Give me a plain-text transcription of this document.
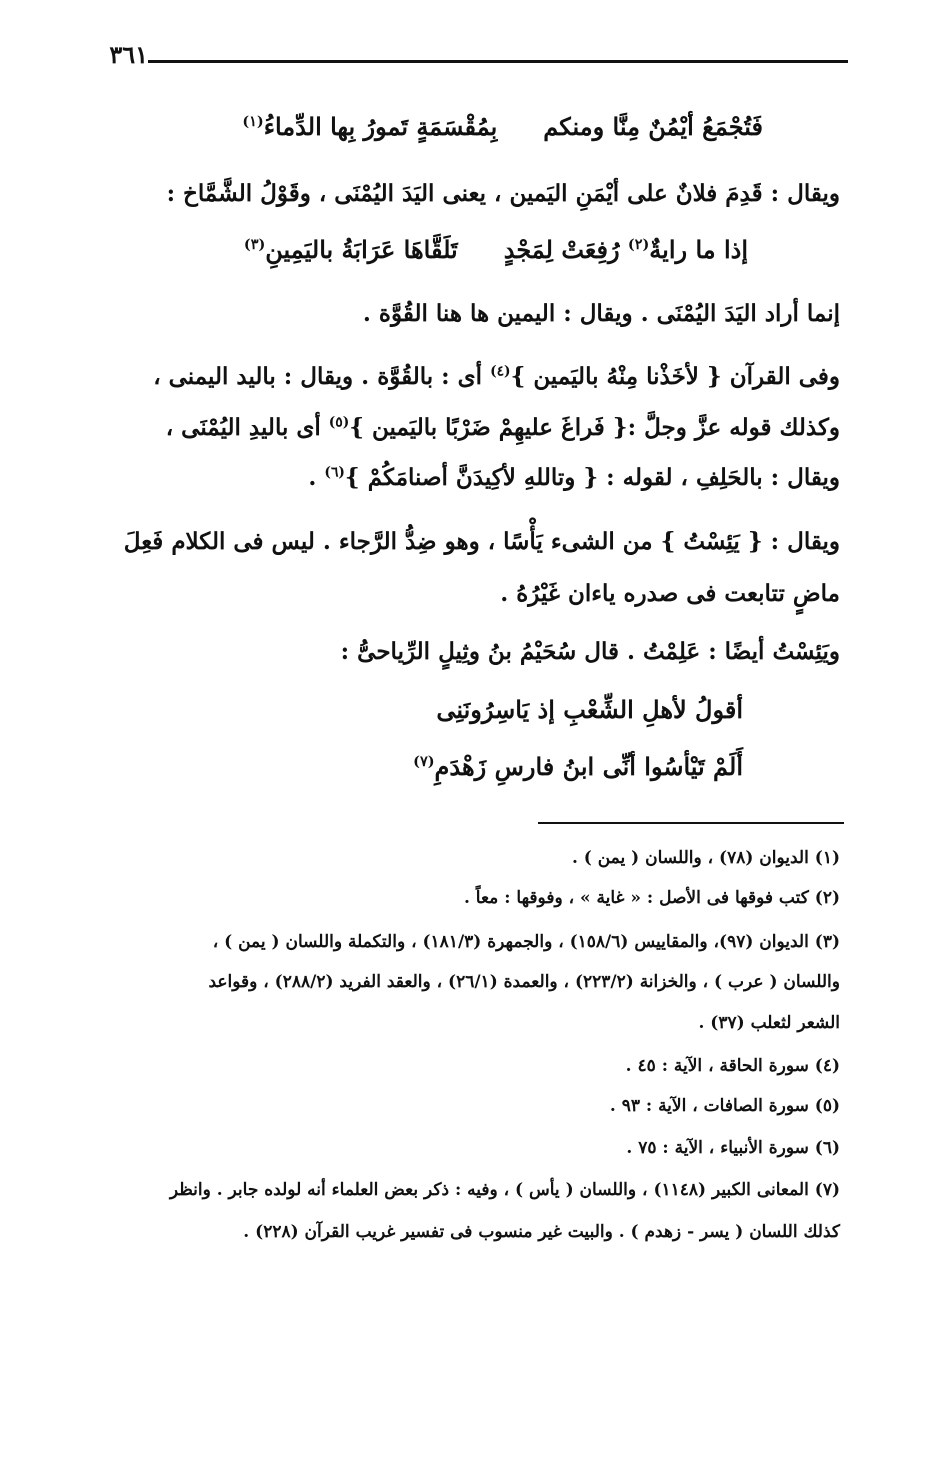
٣٦١
فَتُجْمَعُ أيْمُنٌ مِنَّا ومنكمبِمُقْسَمَةٍ تَمورُ بِها الدِّماءُ$^{(١)}$
ويقال : قَدِمَ فلانٌ على أيْمَنِ اليَمين ، يعنى اليَدَ اليُمْنَى ، وقَوْلُ الشَّمَّاخ :
إذا ما رايةٌ$^{(٢)}$ رُفِعَتْ لِمَجْدٍتَلَقَّاهَا عَرَابَةُ باليَمِينِ$^{(٣)}$
إنما أراد اليَدَ اليُمْنَى . ويقال : اليمين ها هنا القُوَّة .
وفى القرآن { لأخَذْنا مِنْهُ باليَمين }$^{(٤)}$ أى : بالقُوَّة . ويقال : باليد اليمنى ،
وكذلك قوله عزَّ وجلَّ :{ فَراغَ عليهِمْ ضَرْبًا باليَمين }$^{(٥)}$ أى باليدِ اليُمْنَى ،
ويقال : بالحَلِفِ ، لقوله : { وتاللهِ لأكِيدَنَّ أصنامَكُمْ }$^{(٦)}$ .
ويقال : { يَئِسْتُ } من الشىء يَأْسًا ، وهو ضِدُّ الرَّجاء . ليس فى الكلام فَعِلَ
ماضٍ تتابعت فى صدره ياءان غَيْرُهُ .
ويَئِسْتُ أيضًا : عَلِمْتُ . قال سُحَيْمُ بنُ وثِيلٍ الرِّياحىُّ :
أقولُ لأهلِ الشِّعْبِ إذ يَاسِرُونَنِى
أَلَمْ تَيْأسُوا أنِّى ابنُ فارسِ زَهْدَمِ$^{(٧)}$
(١) الديوان (٧٨) ، واللسان ( يمن ) .
(٢) كتب فوقها فى الأصل : « غاية » ، وفوقها : معاً .
(٣) الديوان (٩٧)، والمقاييس (١٥٨/٦) ، والجمهرة (١٨١/٣) ، والتكملة واللسان ( يمن ) ،
واللسان ( عرب ) ، والخزانة (٢٢٣/٢) ، والعمدة (٢٦/١) ، والعقد الفريد (٢٨٨/٢) ، وقواعد
الشعر لثعلب (٣٧) .
(٤) سورة الحاقة ، الآية : ٤٥ .
(٥) سورة الصافات ، الآية : ٩٣ .
(٦) سورة الأنبياء ، الآية : ٧٥ .
(٧) المعانى الكبير (١١٤٨) ، واللسان ( يأس ) ، وفيه : ذكر بعض العلماء أنه لولده جابر . وانظر
كذلك اللسان ( يسر - زهدم ) . والبيت غير منسوب فى تفسير غريب القرآن (٢٢٨) .
